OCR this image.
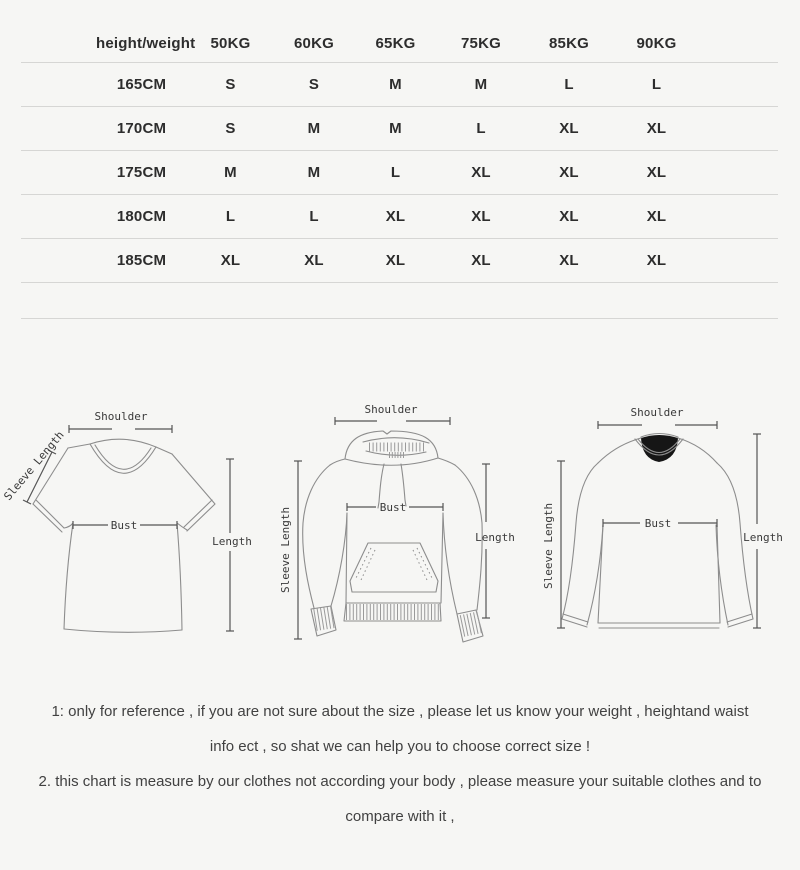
	height/weight	50KG	60KG	65KG	75KG	85KG	90KG	
	165CM	S	S	M	M	L	L	
	170CM	S	M	M	L	XL	XL	
	175CM	M	M	L	XL	XL	XL	
	180CM	L	L	XL	XL	XL	XL	
	185CM	XL	XL	XL	XL	XL	XL	

Shoulder
Sleeve Length
Bust
Length
Shoulder
Sleeve Length	Bust
Length
Shoulder
Sleeve Length	Bust
Length
1: only for reference , if you are not sure about the size , please let us know your weight , heightand waist
info ect , so shat we can help you to choose correct size !
2. this chart is measure by our clothes not according your body , please measure your suitable clothes and to
compare with it ,
